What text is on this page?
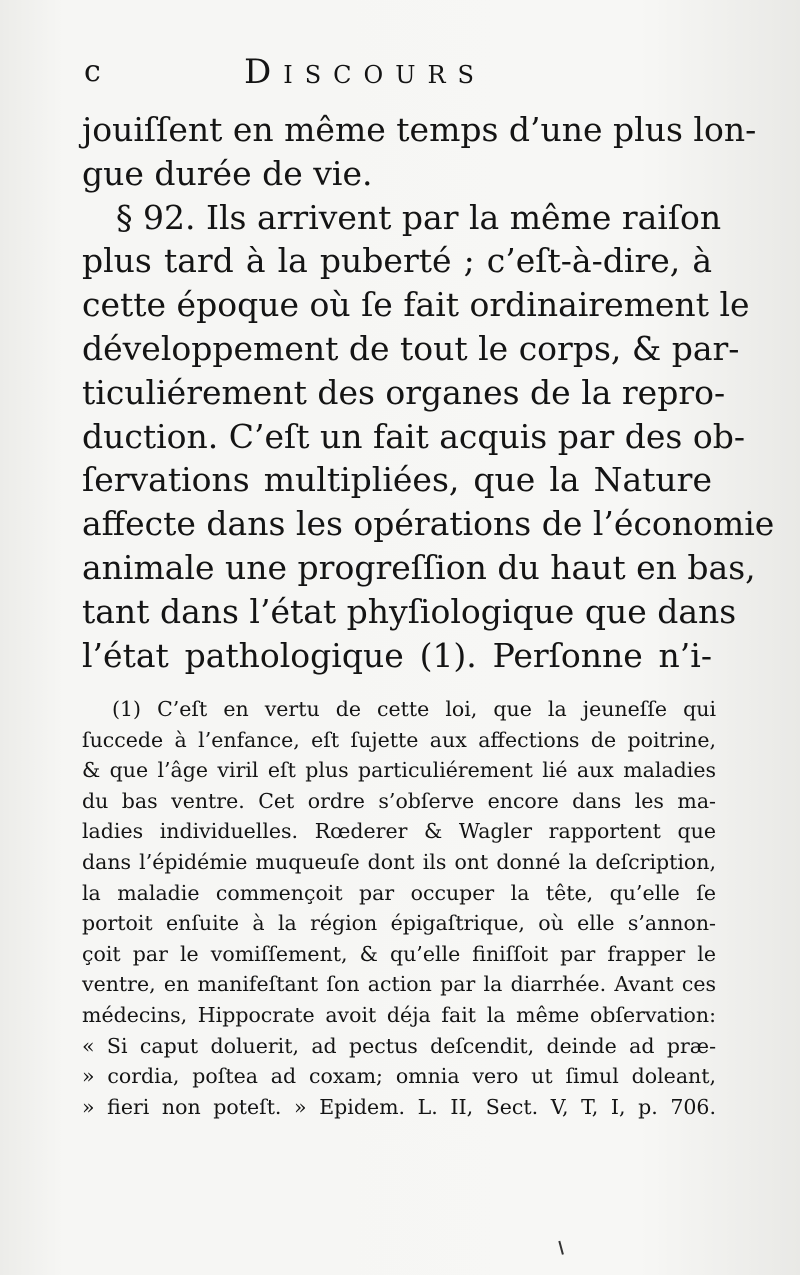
c	Discours
jouiſſent en même temps d’une plus lon-
gue durée de vie.
§ 92. Ils arrivent par la même raiſon
plus tard à la puberté ; c’eſt-à-dire, à
cette époque où ſe fait ordinairement le
développement de tout le corps, & par-
ticuliérement des organes de la repro-
duction. C’eſt un fait acquis par des ob-
ſervations multipliées, que la Nature
affecte dans les opérations de l’économie
animale une progreſſion du haut en bas,
tant dans l’état phyſiologique que dans
l’état pathologique (1). Perſonne n’i-
(1) C’eſt en vertu de cette loi, que la jeuneſſe qui
ſuccede à l’enfance, eſt ſujette aux affections de poitrine,
& que l’âge viril eſt plus particuliérement lié aux maladies
du bas ventre. Cet ordre s’obſerve encore dans les ma-
ladies individuelles. Rœderer & Wagler rapportent que
dans l’épidémie muqueuſe dont ils ont donné la deſcription,
la maladie commençoit par occuper la tête, qu’elle ſe
portoit enſuite à la région épigaſtrique, où elle s’annon-
çoit par le vomiſſement, & qu’elle finiſſoit par frapper le
ventre, en manifeſtant ſon action par la diarrhée. Avant ces
médecins, Hippocrate avoit déja fait la même obſervation:
« Si caput doluerit, ad pectus deſcendit, deinde ad præ-
» cordia, poſtea ad coxam; omnia vero ut ſimul doleant,
» fieri non poteſt. » Epidem. L. II, Sect. V, T, I, p. 706.
